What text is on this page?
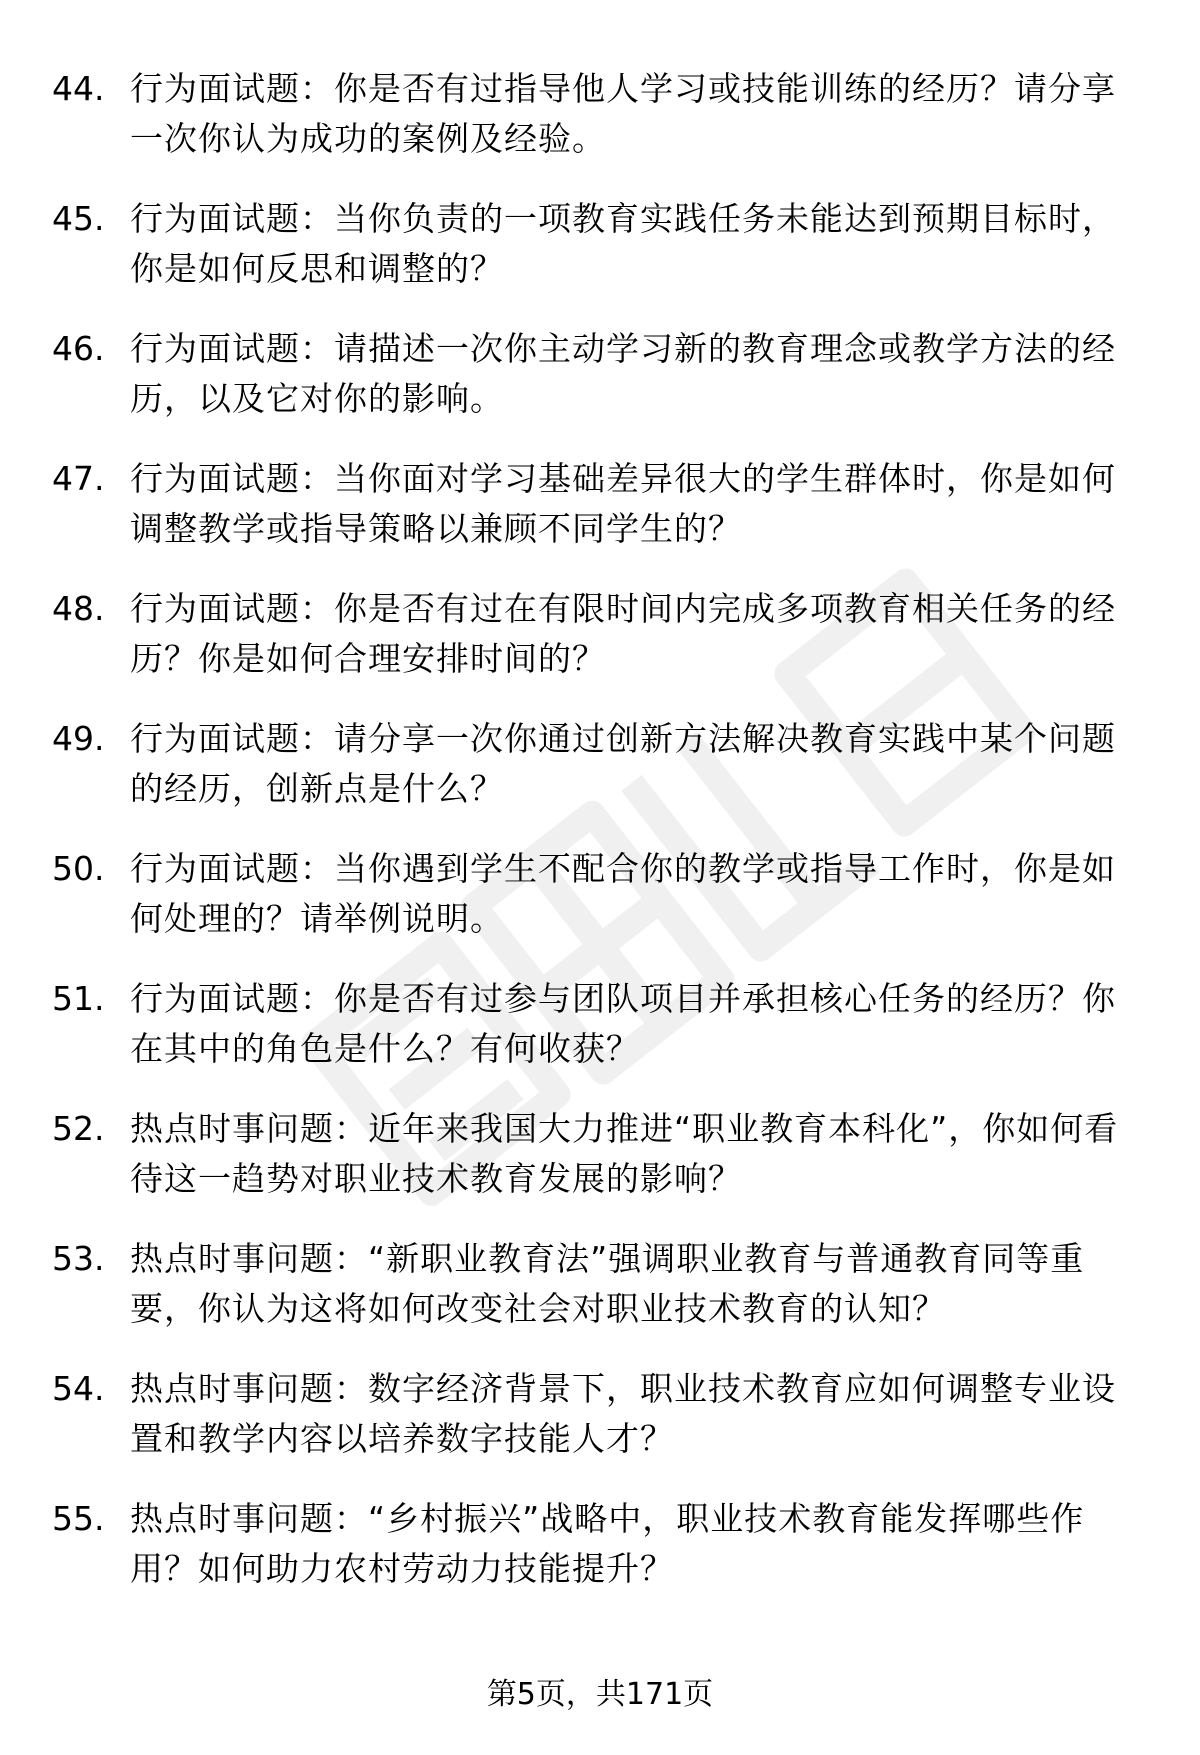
44. 行为面试题：你是否有过指导他人学习或技能训练的经历？请分享一次你认为成功的案例及经验。
45. 行为面试题：当你负责的一项教育实践任务未能达到预期目标时，你是如何反思和调整的？
46. 行为面试题：请描述一次你主动学习新的教育理念或教学方法的经历，以及它对你的影响。
47. 行为面试题：当你面对学习基础差异很大的学生群体时，你是如何调整教学或指导策略以兼顾不同学生的？
48. 行为面试题：你是否有过在有限时间内完成多项教育相关任务的经历？你是如何合理安排时间的？
49. 行为面试题：请分享一次你通过创新方法解决教育实践中某个问题的经历，创新点是什么？
50. 行为面试题：当你遇到学生不配合你的教学或指导工作时，你是如何处理的？请举例说明。
51. 行为面试题：你是否有过参与团队项目并承担核心任务的经历？你在其中的角色是什么？有何收获？
52. 热点时事问题：近年来我国大力推进“职业教育本科化”，你如何看待这一趋势对职业技术教育发展的影响？
53. 热点时事问题：“新职业教育法”强调职业教育与普通教育同等重要，你认为这将如何改变社会对职业技术教育的认知？
54. 热点时事问题：数字经济背景下，职业技术教育应如何调整专业设置和教学内容以培养数字技能人才？
55. 热点时事问题：“乡村振兴”战略中，职业技术教育能发挥哪些作用？如何助力农村劳动力技能提升？
第5页，共171页
